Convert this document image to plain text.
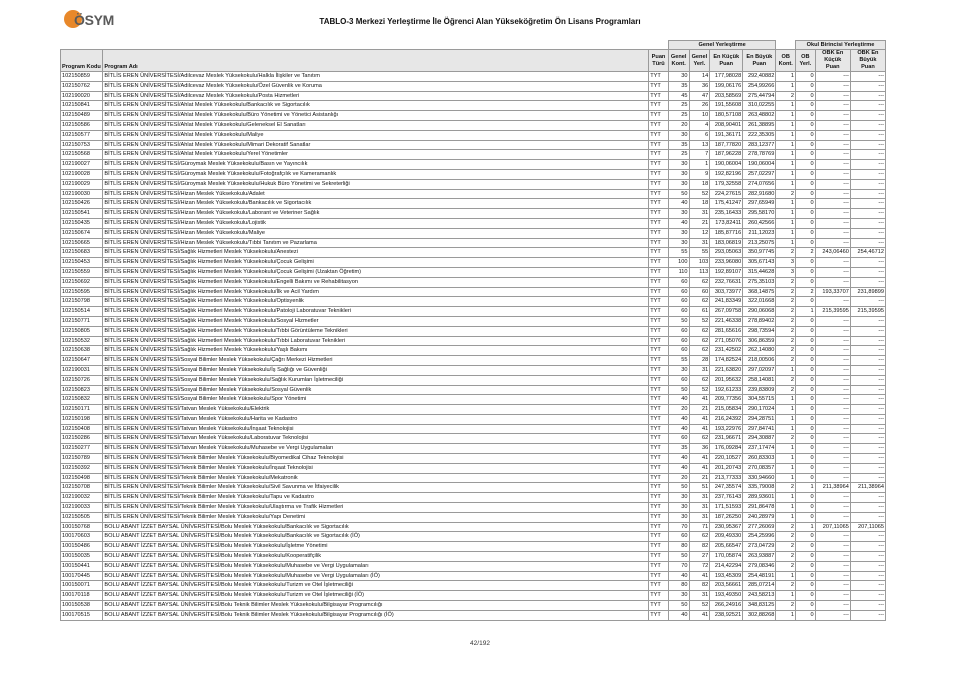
ÖSYM	TABLO-3 Merkezi Yerleştirme İle Öğrenci Alan Yükseköğretim Ön Lisans Programları
			Genel Yerleştirme					Okul Birincisi Yerleştirme		
Program Kodu	Program Adı	Puan Türü	Genel Kont.	Genel Yerl.	En Küçük Puan	En Büyük Puan	OB Kont.	OB Yerl.	OBK En Küçük Puan	OBK En Büyük Puan
102150859	BİTLİS EREN ÜNİVERSİTESİ/Adilcevaz Meslek Yüksekokulu/Halkla İlişkiler ve Tanıtım	TYT	30	14	177,98028	292,40882	1	0	---	---
102150762	BİTLİS EREN ÜNİVERSİTESİ/Adilcevaz Meslek Yüksekokulu/Özel Güvenlik ve Koruma	TYT	35	36	199,06176	254,99266	1	0	---	---
102190020	BİTLİS EREN ÜNİVERSİTESİ/Adilcevaz Meslek Yüksekokulu/Posta Hizmetleri	TYT	45	47	203,58569	275,44794	2	0	---	---
102150841	BİTLİS EREN ÜNİVERSİTESİ/Ahlat Meslek Yüksekokulu/Bankacılık ve Sigortacılık	TYT	25	26	191,55608	310,02255	1	0	---	---
102150489	BİTLİS EREN ÜNİVERSİTESİ/Ahlat Meslek Yüksekokulu/Büro Yönetimi ve Yönetici Asistanlığı	TYT	25	10	180,57108	263,48802	1	0	---	---
102150586	BİTLİS EREN ÜNİVERSİTESİ/Ahlat Meslek Yüksekokulu/Geleneksel El Sanatları	TYT	20	4	208,90401	261,38895	1	0	---	---
102150577	BİTLİS EREN ÜNİVERSİTESİ/Ahlat Meslek Yüksekokulu/Maliye	TYT	30	6	191,36171	222,35305	1	0	---	---
102150753	BİTLİS EREN ÜNİVERSİTESİ/Ahlat Meslek Yüksekokulu/Mimari Dekoratif Sanatlar	TYT	35	13	187,77820	283,12377	1	0	---	---
102150568	BİTLİS EREN ÜNİVERSİTESİ/Ahlat Meslek Yüksekokulu/Yerel Yönetimler	TYT	25	7	187,96228	278,78769	1	0	---	---
102190027	BİTLİS EREN ÜNİVERSİTESİ/Güroymak Meslek Yüksekokulu/Basın ve Yayıncılık	TYT	30	1	190,06004	190,06004	1	0	---	---
102190028	BİTLİS EREN ÜNİVERSİTESİ/Güroymak Meslek Yüksekokulu/Fotoğrafçılık ve Kameramanlık	TYT	30	9	192,82196	257,02297	1	0	---	---
102190029	BİTLİS EREN ÜNİVERSİTESİ/Güroymak Meslek Yüksekokulu/Hukuk Büro Yönetimi ve Sekreterliği	TYT	30	18	179,32558	274,07656	1	0	---	---
102190030	BİTLİS EREN ÜNİVERSİTESİ/Hizan Meslek Yüksekokulu/Adalet	TYT	50	52	224,27615	282,91680	2	0	---	---
102150426	BİTLİS EREN ÜNİVERSİTESİ/Hizan Meslek Yüksekokulu/Bankacılık ve Sigortacılık	TYT	40	18	175,41247	297,65949	1	0	---	---
102150541	BİTLİS EREN ÜNİVERSİTESİ/Hizan Meslek Yüksekokulu/Laborant ve Veteriner Sağlık	TYT	30	31	235,16433	295,58170	1	0	---	---
102150435	BİTLİS EREN ÜNİVERSİTESİ/Hizan Meslek Yüksekokulu/Lojistik	TYT	40	21	173,82411	260,42566	1	0	---	---
102150674	BİTLİS EREN ÜNİVERSİTESİ/Hizan Meslek Yüksekokulu/Maliye	TYT	30	12	185,87716	211,12023	1	0	---	---
102150665	BİTLİS EREN ÜNİVERSİTESİ/Hizan Meslek Yüksekokulu/Tıbbi Tanıtım ve Pazarlama	TYT	30	31	183,06819	213,25075	1	0	---	---
102150683	BİTLİS EREN ÜNİVERSİTESİ/Sağlık Hizmetleri Meslek Yüksekokulu/Anestezi	TYT	55	55	293,05063	350,97745	2	2	243,06460	254,46712
102150453	BİTLİS EREN ÜNİVERSİTESİ/Sağlık Hizmetleri Meslek Yüksekokulu/Çocuk Gelişimi	TYT	100	103	233,96080	305,67143	3	0	---	---
102150559	BİTLİS EREN ÜNİVERSİTESİ/Sağlık Hizmetleri Meslek Yüksekokulu/Çocuk Gelişimi (Uzaktan Öğretim)	TYT	110	113	192,89107	315,44628	3	0	---	---
102150692	BİTLİS EREN ÜNİVERSİTESİ/Sağlık Hizmetleri Meslek Yüksekokulu/Engelli Bakımı ve Rehabilitasyon	TYT	60	62	232,76631	275,35103	2	0	---	---
102150595	BİTLİS EREN ÜNİVERSİTESİ/Sağlık Hizmetleri Meslek Yüksekokulu/İlk ve Acil Yardım	TYT	60	60	303,73977	368,14875	2	2	193,33707	231,89899
102150798	BİTLİS EREN ÜNİVERSİTESİ/Sağlık Hizmetleri Meslek Yüksekokulu/Optisyenlik	TYT	60	62	241,83349	322,01668	2	0	---	---
102150514	BİTLİS EREN ÜNİVERSİTESİ/Sağlık Hizmetleri Meslek Yüksekokulu/Patoloji Laboratuvar Teknikleri	TYT	60	61	267,09758	290,06068	2	1	215,39595	215,39595
102150771	BİTLİS EREN ÜNİVERSİTESİ/Sağlık Hizmetleri Meslek Yüksekokulu/Sosyal Hizmetler	TYT	50	52	221,46338	278,89402	2	0	---	---
102150805	BİTLİS EREN ÜNİVERSİTESİ/Sağlık Hizmetleri Meslek Yüksekokulu/Tıbbi Görüntüleme Teknikleri	TYT	60	62	281,65616	298,73594	2	0	---	---
102150532	BİTLİS EREN ÜNİVERSİTESİ/Sağlık Hizmetleri Meslek Yüksekokulu/Tıbbi Laboratuvar Teknikleri	TYT	60	62	271,05076	306,86359	2	0	---	---
102150638	BİTLİS EREN ÜNİVERSİTESİ/Sağlık Hizmetleri Meslek Yüksekokulu/Yaşlı Bakımı	TYT	60	62	231,42502	262,14080	2	0	---	---
102150647	BİTLİS EREN ÜNİVERSİTESİ/Sosyal Bilimler Meslek Yüksekokulu/Çağrı Merkezi Hizmetleri	TYT	55	28	174,82524	218,00506	2	0	---	---
102190031	BİTLİS EREN ÜNİVERSİTESİ/Sosyal Bilimler Meslek Yüksekokulu/İş Sağlığı ve Güvenliği	TYT	30	31	221,63820	297,02097	1	0	---	---
102150726	BİTLİS EREN ÜNİVERSİTESİ/Sosyal Bilimler Meslek Yüksekokulu/Sağlık Kurumları İşletmeciliği	TYT	60	62	201,95632	258,14081	2	0	---	---
102150823	BİTLİS EREN ÜNİVERSİTESİ/Sosyal Bilimler Meslek Yüksekokulu/Sosyal Güvenlik	TYT	50	52	192,61233	239,83809	2	0	---	---
102150832	BİTLİS EREN ÜNİVERSİTESİ/Sosyal Bilimler Meslek Yüksekokulu/Spor Yönetimi	TYT	40	41	209,77356	304,55715	1	0	---	---
102150171	BİTLİS EREN ÜNİVERSİTESİ/Tatvan Meslek Yüksekokulu/Elektrik	TYT	20	21	215,05834	290,17024	1	0	---	---
102150198	BİTLİS EREN ÜNİVERSİTESİ/Tatvan Meslek Yüksekokulu/Harita ve Kadastro	TYT	40	41	216,24392	294,28751	1	0	---	---
102150408	BİTLİS EREN ÜNİVERSİTESİ/Tatvan Meslek Yüksekokulu/İnşaat Teknolojisi	TYT	40	41	193,22976	297,84741	1	0	---	---
102150286	BİTLİS EREN ÜNİVERSİTESİ/Tatvan Meslek Yüksekokulu/Laboratuvar Teknolojisi	TYT	60	62	231,96671	294,30887	2	0	---	---
102150277	BİTLİS EREN ÜNİVERSİTESİ/Tatvan Meslek Yüksekokulu/Muhasebe ve Vergi Uygulamaları	TYT	35	36	176,09284	237,17474	1	0	---	---
102150789	BİTLİS EREN ÜNİVERSİTESİ/Teknik Bilimler Meslek Yüksekokulu/Biyomedikal Cihaz Teknolojisi	TYT	40	41	220,10527	260,83303	1	0	---	---
102150392	BİTLİS EREN ÜNİVERSİTESİ/Teknik Bilimler Meslek Yüksekokulu/İnşaat Teknolojisi	TYT	40	41	201,20743	270,08357	1	0	---	---
102150498	BİTLİS EREN ÜNİVERSİTESİ/Teknik Bilimler Meslek Yüksekokulu/Mekatronik	TYT	20	21	213,77333	330,94660	1	0	---	---
102150708	BİTLİS EREN ÜNİVERSİTESİ/Teknik Bilimler Meslek Yüksekokulu/Sivil Savunma ve İtfaiyecilik	TYT	50	51	247,35574	335,79008	2	1	211,38964	211,38964
102190032	BİTLİS EREN ÜNİVERSİTESİ/Teknik Bilimler Meslek Yüksekokulu/Tapu ve Kadastro	TYT	30	31	237,76143	289,93601	1	0	---	---
102190033	BİTLİS EREN ÜNİVERSİTESİ/Teknik Bilimler Meslek Yüksekokulu/Ulaştırma ve Trafik Hizmetleri	TYT	30	31	171,51593	291,86478	1	0	---	---
102150505	BİTLİS EREN ÜNİVERSİTESİ/Teknik Bilimler Meslek Yüksekokulu/Yapı Denetimi	TYT	30	31	187,26250	240,28979	1	0	---	---
100150768	BOLU ABANT İZZET BAYSAL ÜNİVERSİTESİ/Bolu Meslek Yüksekokulu/Bankacılık ve Sigortacılık	TYT	70	71	230,95367	277,26069	2	1	207,11065	207,11065
100170603	BOLU ABANT İZZET BAYSAL ÜNİVERSİTESİ/Bolu Meslek Yüksekokulu/Bankacılık ve Sigortacılık (İÖ)	TYT	60	62	209,49330	254,25996	2	0	---	---
100150486	BOLU ABANT İZZET BAYSAL ÜNİVERSİTESİ/Bolu Meslek Yüksekokulu/İşletme Yönetimi	TYT	80	82	205,66547	273,04729	2	0	---	---
100150035	BOLU ABANT İZZET BAYSAL ÜNİVERSİTESİ/Bolu Meslek Yüksekokulu/Kooperatifçilik	TYT	50	27	170,05874	263,93887	2	0	---	---
100150441	BOLU ABANT İZZET BAYSAL ÜNİVERSİTESİ/Bolu Meslek Yüksekokulu/Muhasebe ve Vergi Uygulamaları	TYT	70	72	214,42294	279,08346	2	0	---	---
100170445	BOLU ABANT İZZET BAYSAL ÜNİVERSİTESİ/Bolu Meslek Yüksekokulu/Muhasebe ve Vergi Uygulamaları (İÖ)	TYT	40	41	193,45309	254,48191	1	0	---	---
100150071	BOLU ABANT İZZET BAYSAL ÜNİVERSİTESİ/Bolu Meslek Yüksekokulu/Turizm ve Otel İşletmeciliği	TYT	80	82	203,56661	285,07214	2	0	---	---
100170118	BOLU ABANT İZZET BAYSAL ÜNİVERSİTESİ/Bolu Meslek Yüksekokulu/Turizm ve Otel İşletmeciliği (İÖ)	TYT	30	31	193,49350	243,58213	1	0	---	---
100150538	BOLU ABANT İZZET BAYSAL ÜNİVERSİTESİ/Bolu Teknik Bilimler Meslek Yüksekokulu/Bilgisayar Programcılığı	TYT	50	52	266,24916	348,83125	2	0	---	---
100170515	BOLU ABANT İZZET BAYSAL ÜNİVERSİTESİ/Bolu Teknik Bilimler Meslek Yüksekokulu/Bilgisayar Programcılığı (İÖ)	TYT	40	41	238,92521	302,88268	1	0	---	---
42/192
